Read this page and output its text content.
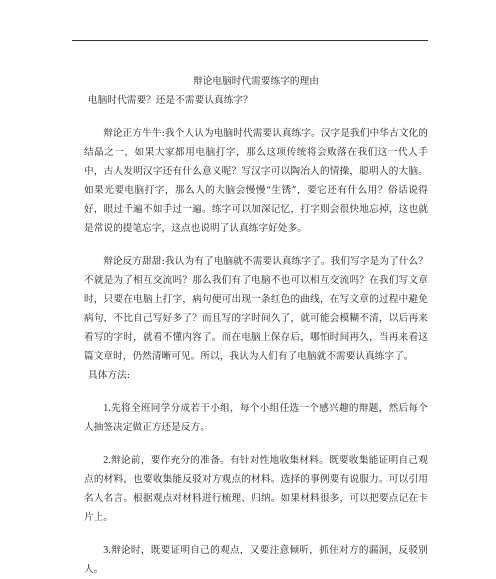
辩论电脑时代需要练字的理由

电脑时代需要？还是不需要认真练字？

辩论正方牛牛:我个人认为电脑时代需要认真练字。汉字是我们中华古文化的结晶之一，如果大家都用电脑打字，那么这项传统将会败落在我们这一代人手中，古人发明汉字还有什么意义呢？写汉字可以陶冶人的情操，聪明人的大脑。如果光要电脑打字，那么人的大脑会慢慢“生锈”，要它还有什么用？俗话说得好，眼过千遍不如手过一遍。练字可以加深记忆，打字则会很快地忘掉，这也就是常说的提笔忘字，这点也说明了认真练字好处多。

辩论反方甜甜:我认为有了电脑就不需要认真练字了。我们写字是为了什么？不就是为了相互交流吗？那么我们有了电脑不也可以相互交流吗？在我们写文章时，只要在电脑上打字，病句便可出现一条红色的曲线，在写文章的过程中避免病句，不比自己写好多了？而且写的字时间久了，就可能会模糊不清，以后再来看写的字时，就看不懂内容了。而在电脑上保存后，哪怕时间再久，当再来看这篇文章时，仍然清晰可见。所以，我认为人们有了电脑就不需要认真练字了。

具体方法:

1.先将全班同学分成若干小组，每个小组任选一个感兴趣的辩题，然后每个人抽签决定做正方还是反方。

2.辩论前，要作充分的准备。有针对性地收集材料。既要收集能证明自己观点的材料，也要收集能反驳对方观点的材料。选择的事例要有说服力。可以引用名人名言。根据观点对材料进行梳理、归纳。如果材料很多，可以把要点记在卡片上。

3.辩论时，既要证明自己的观点，又要注意倾听，抓住对方的漏洞，反驳别人。
